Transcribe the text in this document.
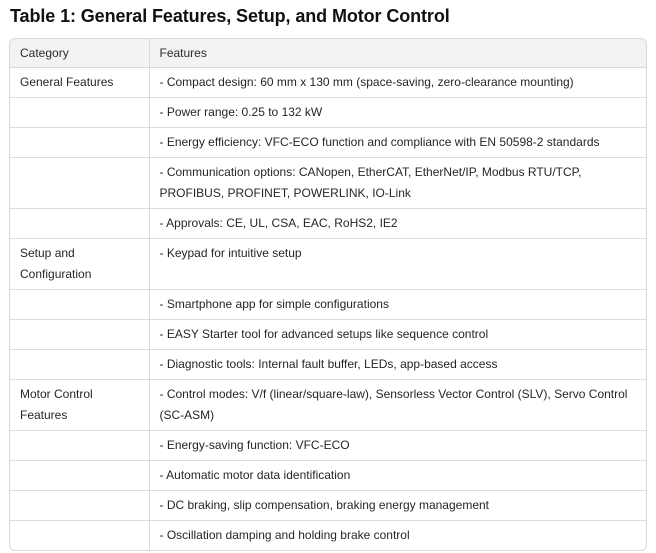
Table 1: General Features, Setup, and Motor Control
Category	Features
General Features	- Compact design: 60 mm x 130 mm (space-saving, zero-clearance mounting)
	- Power range: 0.25 to 132 kW
	- Energy efficiency: VFC-ECO function and compliance with EN 50598-2 standards
	- Communication options: CANopen, EtherCAT, EtherNet/IP, Modbus RTU/TCP, PROFIBUS, PROFINET, POWERLINK, IO-Link
	- Approvals: CE, UL, CSA, EAC, RoHS2, IE2

Setup and Configuration	- Keypad for intuitive setup
	- Smartphone app for simple configurations
	- EASY Starter tool for advanced setups like sequence control
	- Diagnostic tools: Internal fault buffer, LEDs, app-based access

Motor Control Features	- Control modes: V/f (linear/square-law), Sensorless Vector Control (SLV), Servo Control (SC-ASM)
	- Energy-saving function: VFC-ECO
	- Automatic motor data identification
	- DC braking, slip compensation, braking energy management
	- Oscillation damping and holding brake control
